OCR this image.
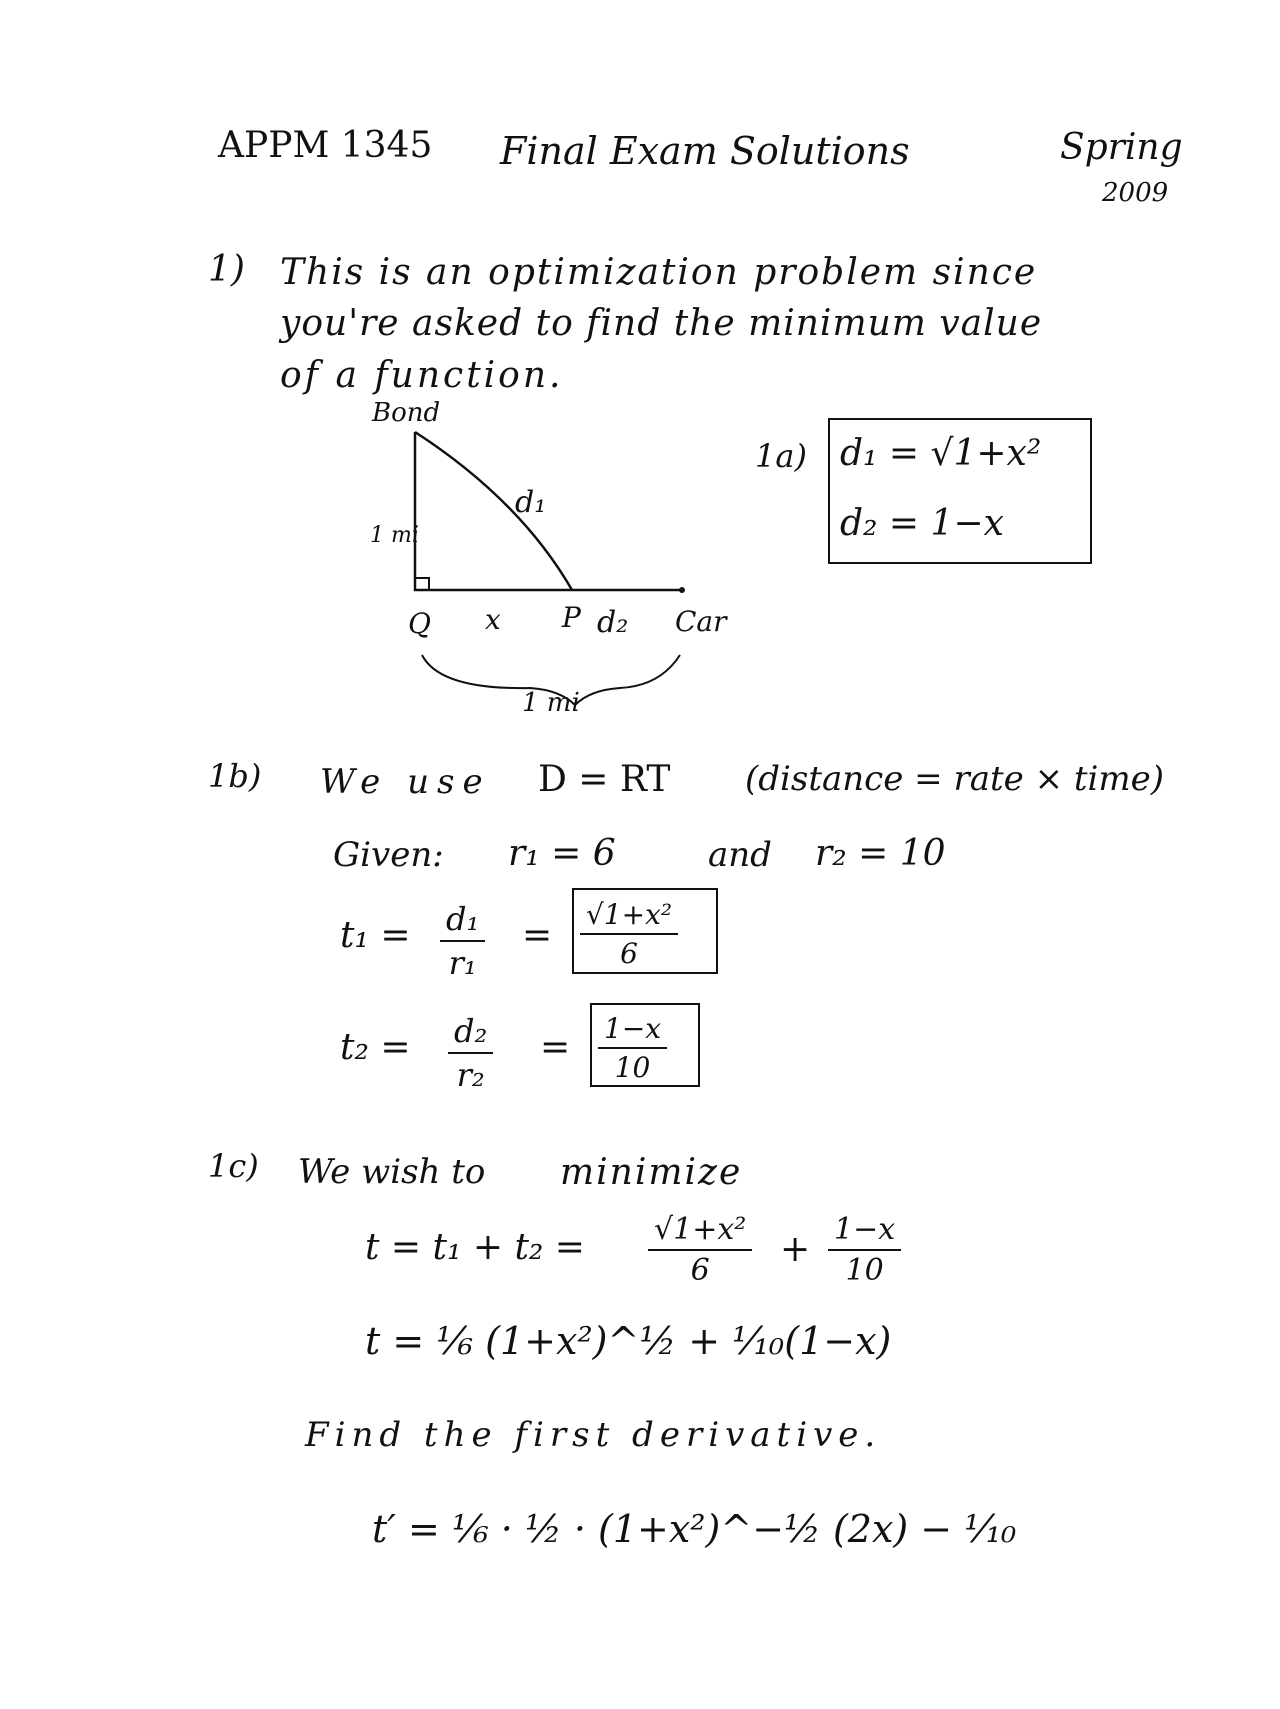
APPM 1345 Final Exam Solutions	Spring
2009
1) This is an optimization problem since
you're asked to find the minimum value
of a function.
Bond
d₁
1 mi
Q x P d₂ Car
1 mi
1a) d₁ = √1+x²
d₂ = 1−x
1b) We use D = RT (distance = rate × time)
Given: r₁ = 6	and r₂ = 10
$t_1 = \frac{\text{d₁}}{\text{r₁}} = \frac{\text{√1+x²}}{6}$
$t_2 = \frac{\text{d₂}}{\text{r₂}} = \frac{1-x}{10}$
1c) We wish to minimize
$t = t_1 + t_2 = \frac{\text{√1+x²}}{6} + \frac{1-x}{10}$
t = ⅙ (1+x²)^½ + ⅒(1−x)
Find the first derivative.
t′ = ⅙ · ½ · (1+x²)^−½ (2x) − ⅒
